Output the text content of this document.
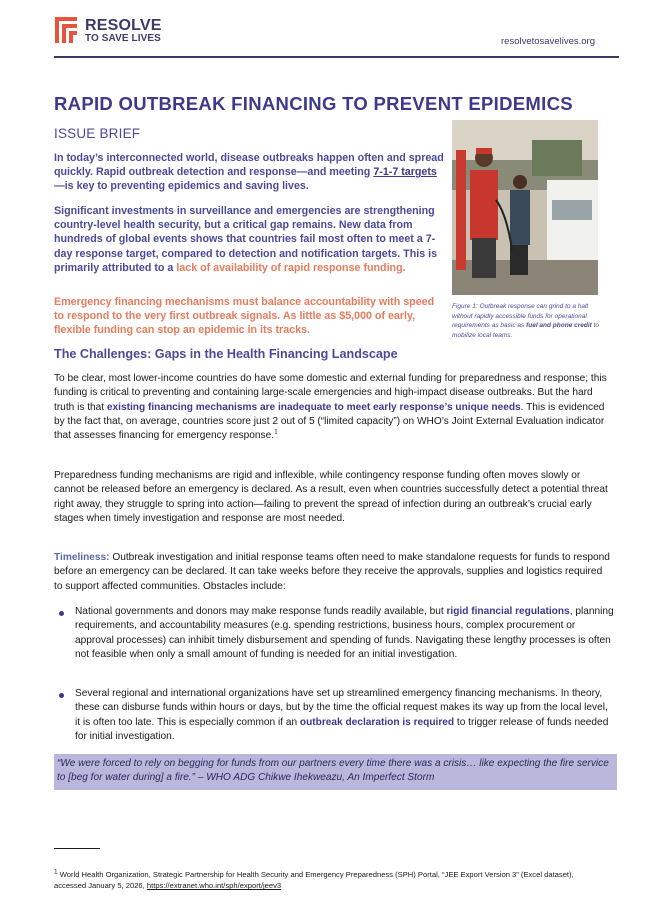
RESOLVE
TO SAVE LIVES	resolvetosavelives.org
RAPID OUTBREAK FINANCING TO PREVENT EPIDEMICS
ISSUE BRIEF
In today’s interconnected world, disease outbreaks happen often and spread quickly. Rapid outbreak detection and response—and meeting 7-1-7 targets—is key to preventing epidemics and saving lives.
Significant investments in surveillance and emergencies are strengthening country-level health security, but a critical gap remains. New data from hundreds of global events shows that countries fail most often to meet a 7-day response target, compared to detection and notification targets. This is primarily attributed to a lack of availability of rapid response funding.
Emergency financing mechanisms must balance accountability with speed to respond to the very first outbreak signals. As little as $5,000 of early, flexible funding can stop an epidemic in its tracks.
Figure 1: Outbreak response can grind to a halt without rapidly accessible funds for operational requirements as basic as fuel and phone credit to mobilize local teams.
The Challenges: Gaps in the Health Financing Landscape
To be clear, most lower-income countries do have some domestic and external funding for preparedness and response; this funding is critical to preventing and containing large-scale emergencies and high-impact disease outbreaks. But the hard truth is that existing financing mechanisms are inadequate to meet early response’s unique needs. This is evidenced by the fact that, on average, countries score just 2 out of 5 (“limited capacity”) on WHO’s Joint External Evaluation indicator that assesses financing for emergency response.$^1$
Preparedness funding mechanisms are rigid and inflexible, while contingency response funding often moves slowly or cannot be released before an emergency is declared. As a result, even when countries successfully detect a potential threat right away, they struggle to spring into action—failing to prevent the spread of infection during an outbreak’s crucial early stages when timely investigation and response are most needed.
Timeliness: Outbreak investigation and initial response teams often need to make standalone requests for funds to respond before an emergency can be declared. It can take weeks before they receive the approvals, supplies and logistics required to support affected communities. Obstacles include:
National governments and donors may make response funds readily available, but rigid financial regulations, planning requirements, and accountability measures (e.g. spending restrictions, business hours, complex procurement or approval processes) can inhibit timely disbursement and spending of funds. Navigating these lengthy processes is often not feasible when only a small amount of funding is needed for an initial investigation.
Several regional and international organizations have set up streamlined emergency financing mechanisms. In theory, these can disburse funds within hours or days, but by the time the official request makes its way up from the local level, it is often too late. This is especially common if an outbreak declaration is required to trigger release of funds needed for initial investigation.
“We were forced to rely on begging for funds from our partners every time there was a crisis… like expecting the fire service to [beg for water during] a fire.” – WHO ADG Chikwe Ihekweazu, An Imperfect Storm
$^1$ World Health Organization, Strategic Partnership for Health Security and Emergency Preparedness (SPH) Portal, “JEE Export Version 3” (Excel dataset), accessed January 5, 2026, https://extranet.who.int/sph/export/jeev3
